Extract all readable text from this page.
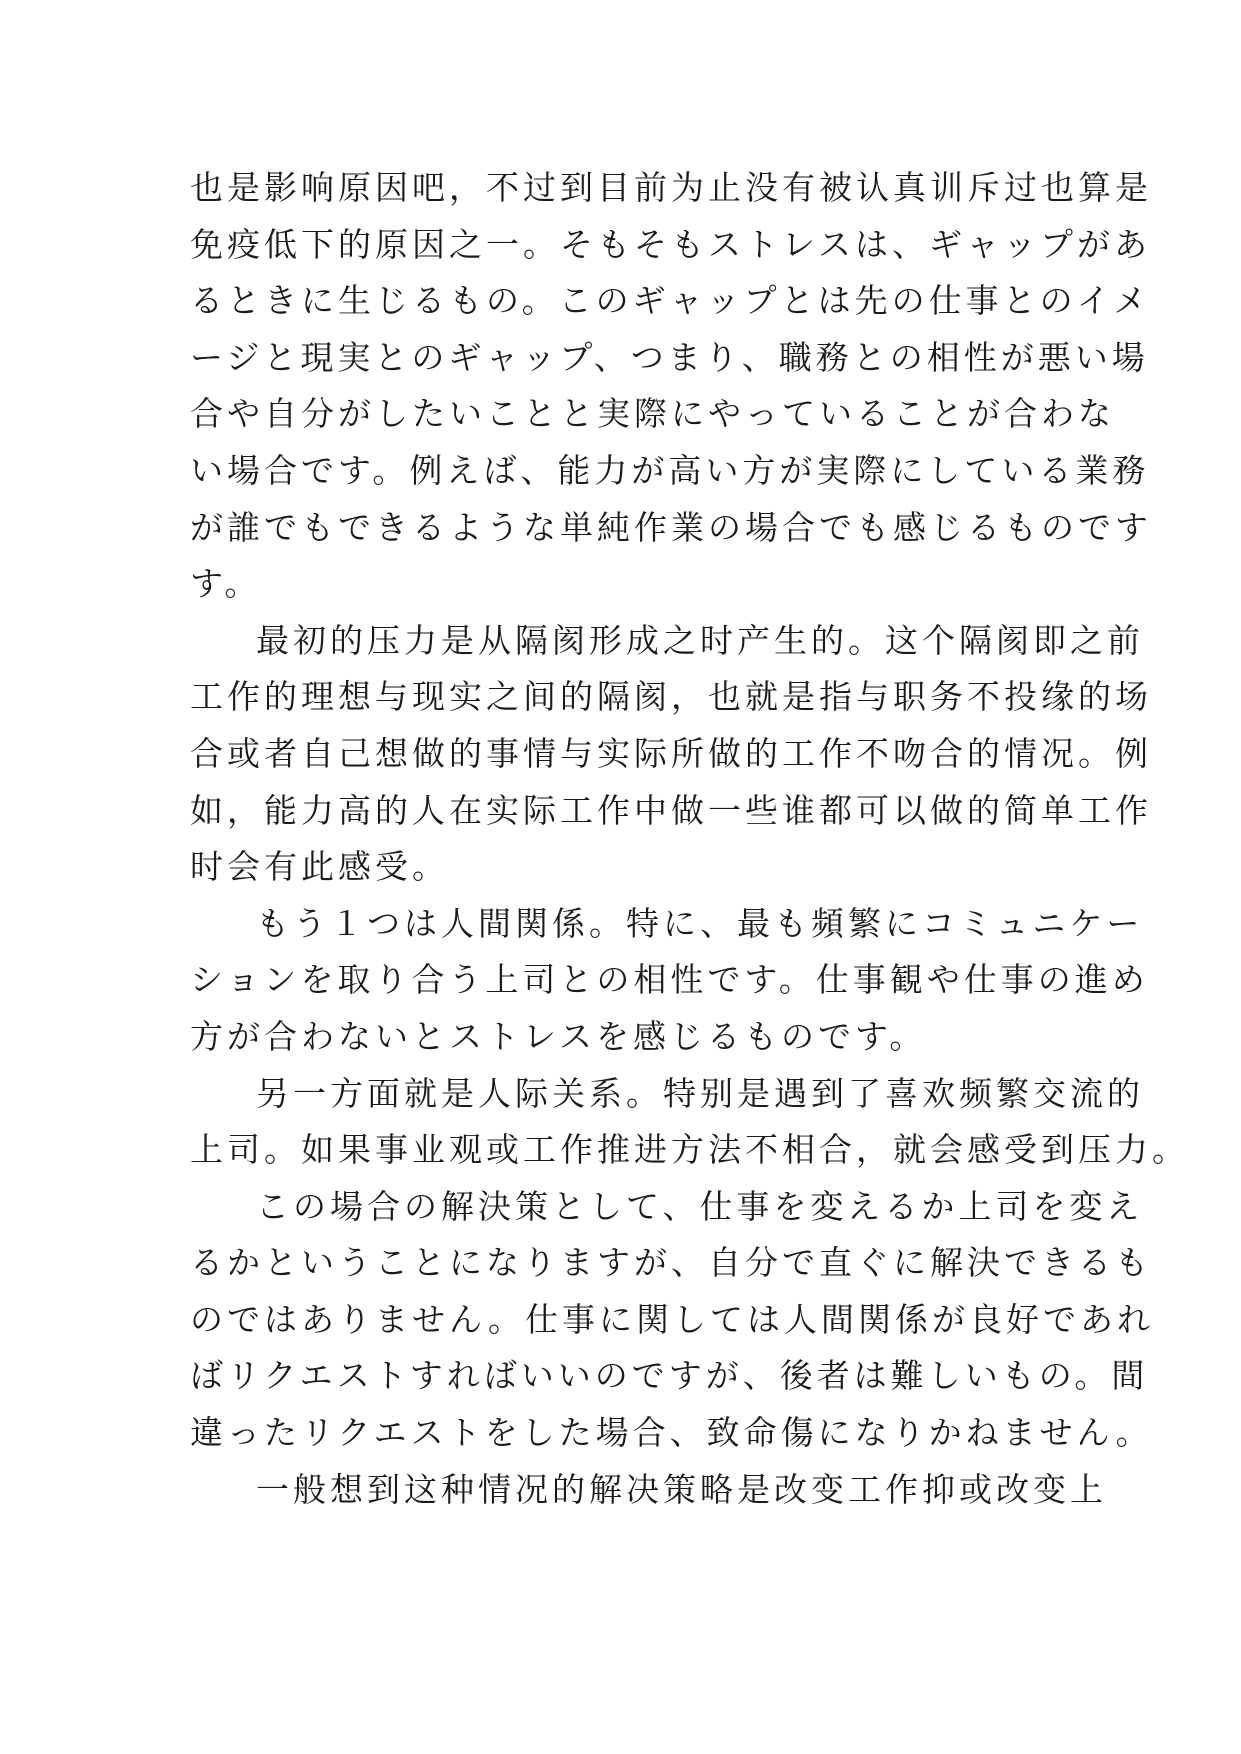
也是影响原因吧，不过到目前为止没有被认真训斥过也算是
免疫低下的原因之一。そもそもストレスは、ギャップがあ
るときに生じるもの。このギャップとは先の仕事とのイメ
ージと現実とのギャップ、つまり、職務との相性が悪い場
合や自分がしたいことと実際にやっていることが合わな
い場合です。例えば、能力が高い方が実際にしている業務
が誰でもできるような単純作業の場合でも感じるものです
す。
最初的压力是从隔阂形成之时产生的。这个隔阂即之前
工作的理想与现实之间的隔阂，也就是指与职务不投缘的场
合或者自己想做的事情与实际所做的工作不吻合的情况。例
如，能力高的人在实际工作中做一些谁都可以做的简单工作
时会有此感受。
もう１つは人間関係。特に、最も頻繁にコミュニケー
ションを取り合う上司との相性です。仕事観や仕事の進め
方が合わないとストレスを感じるものです。
另一方面就是人际关系。特别是遇到了喜欢频繁交流的
上司。如果事业观或工作推进方法不相合，就会感受到压力。
この場合の解決策として、仕事を変えるか上司を変え
るかということになりますが、自分で直ぐに解決できるも
のではありません。仕事に関しては人間関係が良好であれ
ばリクエストすればいいのですが、後者は難しいもの。間
違ったリクエストをした場合、致命傷になりかねません。
一般想到这种情况的解决策略是改变工作抑或改变上
